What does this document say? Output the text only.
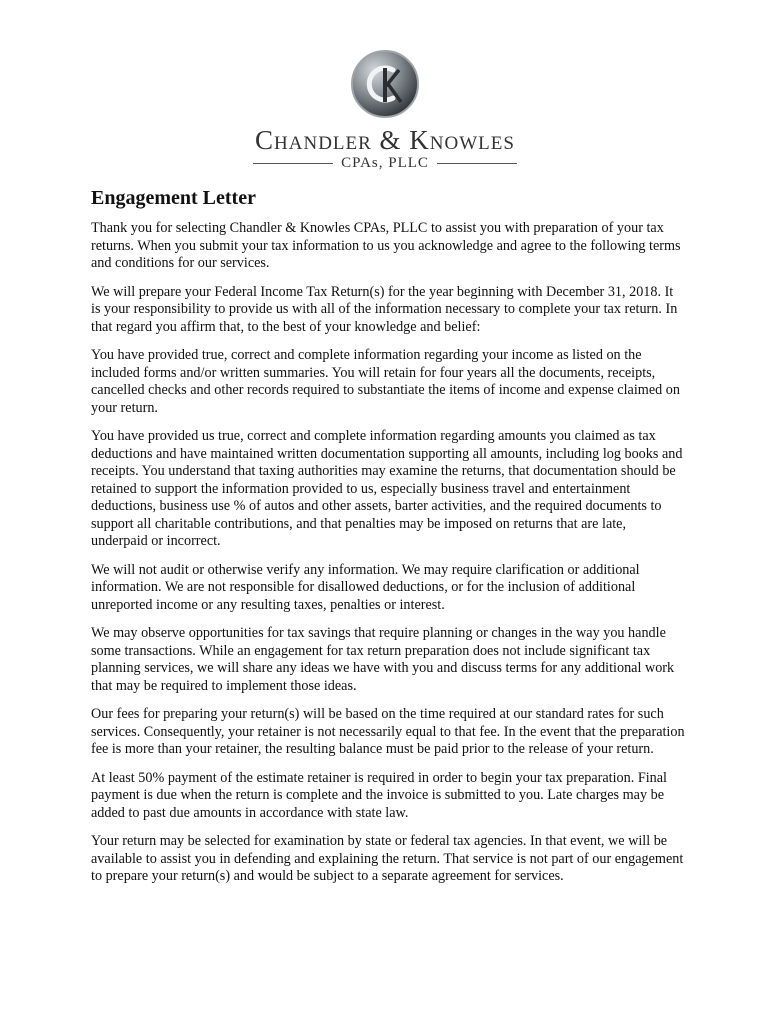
Chandler & Knowles
CPAs, PLLC
Engagement Letter

Thank you for selecting Chandler & Knowles CPAs, PLLC to assist you with preparation of your tax returns. When you submit your tax information to us you acknowledge and agree to the following terms and conditions for our services.

We will prepare your Federal Income Tax Return(s) for the year beginning with December 31, 2018. It is your responsibility to provide us with all of the information necessary to complete your tax return. In that regard you affirm that, to the best of your knowledge and belief:

You have provided true, correct and complete information regarding your income as listed on the included forms and/or written summaries. You will retain for four years all the documents, receipts, cancelled checks and other records required to substantiate the items of income and expense claimed on your return.

You have provided us true, correct and complete information regarding amounts you claimed as tax deductions and have maintained written documentation supporting all amounts, including log books and receipts. You understand that taxing authorities may examine the returns, that documentation should be retained to support the information provided to us, especially business travel and entertainment deductions, business use % of autos and other assets, barter activities, and the required documents to support all charitable contributions, and that penalties may be imposed on returns that are late, underpaid or incorrect.

We will not audit or otherwise verify any information. We may require clarification or additional information. We are not responsible for disallowed deductions, or for the inclusion of additional unreported income or any resulting taxes, penalties or interest.

We may observe opportunities for tax savings that require planning or changes in the way you handle some transactions. While an engagement for tax return preparation does not include significant tax planning services, we will share any ideas we have with you and discuss terms for any additional work that may be required to implement those ideas.

Our fees for preparing your return(s) will be based on the time required at our standard rates for such services. Consequently, your retainer is not necessarily equal to that fee. In the event that the preparation fee is more than your retainer, the resulting balance must be paid prior to the release of your return.

At least 50% payment of the estimate retainer is required in order to begin your tax preparation. Final payment is due when the return is complete and the invoice is submitted to you. Late charges may be added to past due amounts in accordance with state law.

Your return may be selected for examination by state or federal tax agencies. In that event, we will be available to assist you in defending and explaining the return. That service is not part of our engagement to prepare your return(s) and would be subject to a separate agreement for services.
